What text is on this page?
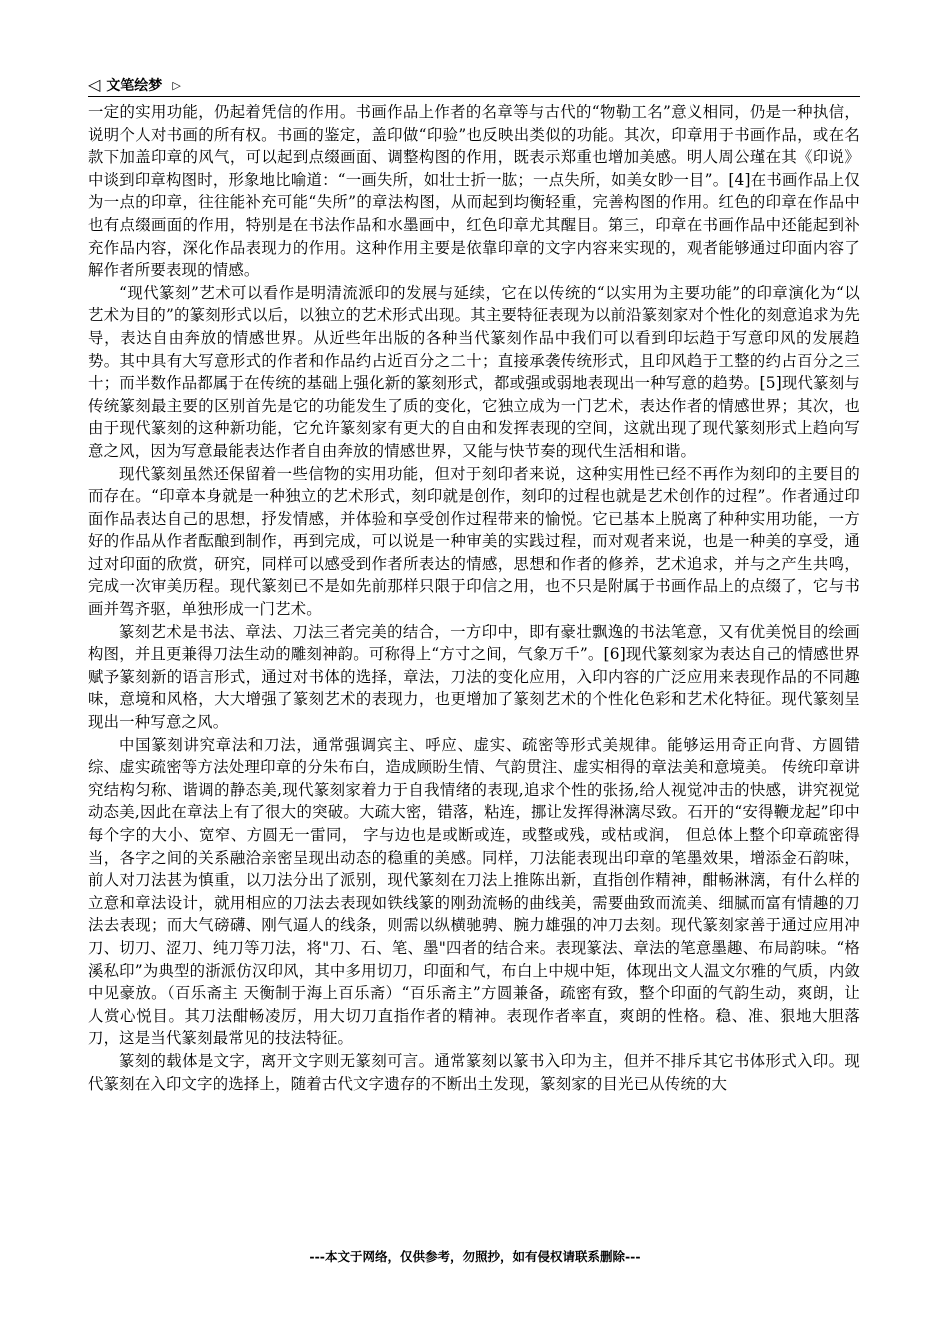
◁ 文笔绘梦 ▷

一定的实用功能，仍起着凭信的作用。书画作品上作者的名章等与古代的“物勒工名”意义相同，仍是一种执信，说明个人对书画的所有权。书画的鉴定，盖印做“印验”也反映出类似的功能。其次，印章用于书画作品，或在名款下加盖印章的风气，可以起到点缀画面、调整构图的作用，既表示郑重也增加美感。明人周公瑾在其《印说》中谈到印章构图时，形象地比喻道：“一画失所，如壮士折一肱；一点失所，如美女眇一目”。[4]在书画作品上仅为一点的印章，往往能补充可能“失所”的章法构图，从而起到均衡轻重，完善构图的作用。红色的印章在作品中也有点缀画面的作用，特别是在书法作品和水墨画中，红色印章尤其醒目。第三，印章在书画作品中还能起到补充作品内容，深化作品表现力的作用。这种作用主要是依靠印章的文字内容来实现的，观者能够通过印面内容了解作者所要表现的情感。

“现代篆刻”艺术可以看作是明清流派印的发展与延续，它在以传统的“以实用为主要功能”的印章演化为“以艺术为目的”的篆刻形式以后，以独立的艺术形式出现。其主要特征表现为以前沿篆刻家对个性化的刻意追求为先导，表达自由奔放的情感世界。从近些年出版的各种当代篆刻作品中我们可以看到印坛趋于写意印风的发展趋势。其中具有大写意形式的作者和作品约占近百分之二十；直接承袭传统形式，且印风趋于工整的约占百分之三十；而半数作品都属于在传统的基础上强化新的篆刻形式，都或强或弱地表现出一种写意的趋势。[5]现代篆刻与传统篆刻最主要的区别首先是它的功能发生了质的变化，它独立成为一门艺术，表达作者的情感世界；其次，也由于现代篆刻的这种新功能，它允许篆刻家有更大的自由和发挥表现的空间，这就出现了现代篆刻形式上趋向写意之风，因为写意最能表达作者自由奔放的情感世界，又能与快节奏的现代生活相和谐。

现代篆刻虽然还保留着一些信物的实用功能，但对于刻印者来说，这种实用性已经不再作为刻印的主要目的而存在。“印章本身就是一种独立的艺术形式，刻印就是创作，刻印的过程也就是艺术创作的过程”。作者通过印面作品表达自己的思想，抒发情感，并体验和享受创作过程带来的愉悦。它已基本上脱离了种种实用功能，一方好的作品从作者酝酿到制作，再到完成，可以说是一种审美的实践过程，而对观者来说，也是一种美的享受，通过对印面的欣赏，研究，同样可以感受到作者所表达的情感，思想和作者的修养，艺术追求，并与之产生共鸣，完成一次审美历程。现代篆刻已不是如先前那样只限于印信之用，也不只是附属于书画作品上的点缀了，它与书画并驾齐驱，单独形成一门艺术。

篆刻艺术是书法、章法、刀法三者完美的结合，一方印中，即有豪壮飘逸的书法笔意，又有优美悦目的绘画构图，并且更兼得刀法生动的雕刻神韵。可称得上“方寸之间，气象万千”。[6]现代篆刻家为表达自己的情感世界赋予篆刻新的语言形式，通过对书体的选择，章法，刀法的变化应用，入印内容的广泛应用来表现作品的不同趣味，意境和风格，大大增强了篆刻艺术的表现力，也更增加了篆刻艺术的个性化色彩和艺术化特征。现代篆刻呈现出一种写意之风。

中国篆刻讲究章法和刀法，通常强调宾主、呼应、虚实、疏密等形式美规律。能够运用奇正向背、方圆错综、虚实疏密等方法处理印章的分朱布白，造成顾盼生情、气韵贯注、虚实相得的章法美和意境美。 传统印章讲究结构匀称、谐调的静态美,现代篆刻家着力于自我情绪的表现,追求个性的张扬,给人视觉冲击的快感，讲究视觉动态美,因此在章法上有了很大的突破。大疏大密，错落，粘连，挪让发挥得淋漓尽致。石开的“安得鞭龙起”印中每个字的大小、宽窄、方圆无一雷同， 字与边也是或断或连，或整或残，或枯或润， 但总体上整个印章疏密得当，各字之间的关系融洽亲密呈现出动态的稳重的美感。同样，刀法能表现出印章的笔墨效果，增添金石韵味，前人对刀法甚为慎重，以刀法分出了派别，现代篆刻在刀法上推陈出新，直指创作精神，酣畅淋漓，有什么样的立意和章法设计，就用相应的刀法去表现如铁线篆的刚劲流畅的曲线美，需要曲致而流美、细腻而富有情趣的刀法去表现；而大气磅礴、刚气逼人的线条，则需以纵横驰骋、腕力雄强的冲刀去刻。现代篆刻家善于通过应用冲刀、切刀、涩刀、纯刀等刀法，将"刀、石、笔、墨"四者的结合来。表现篆法、章法的笔意墨趣、布局韵味。“格溪私印”为典型的浙派仿汉印风，其中多用切刀，印面和气，布白上中规中矩，体现出文人温文尔雅的气质，内敛中见豪放。（百乐斋主 天衡制于海上百乐斋）“百乐斋主”方圆兼备，疏密有致，整个印面的气韵生动，爽朗，让人赏心悦目。其刀法酣畅凌厉，用大切刀直指作者的精神。表现作者率直，爽朗的性格。稳、准、狠地大胆落刀，这是当代篆刻最常见的技法特征。

篆刻的载体是文字，离开文字则无篆刻可言。通常篆刻以篆书入印为主，但并不排斥其它书体形式入印。现代篆刻在入印文字的选择上，随着古代文字遗存的不断出土发现，篆刻家的目光已从传统的大

---本文于网络，仅供参考，勿照抄，如有侵权请联系删除---
